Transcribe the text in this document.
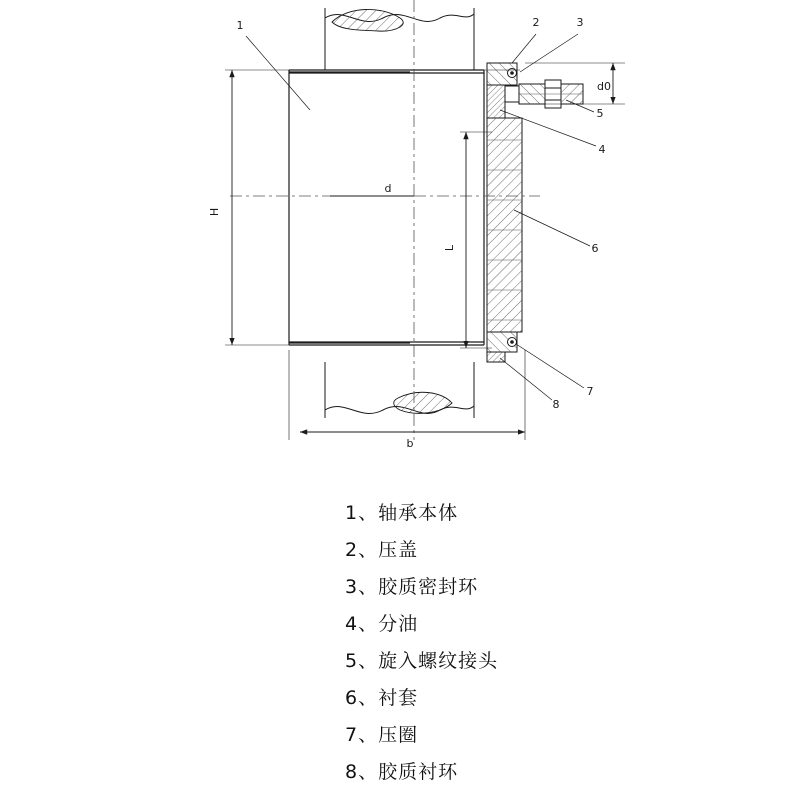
H
L
d
b
d0
1	2	3
4
5
6
7
8
1、轴承本体
2、压盖
3、胶质密封环
4、分油
5、旋入螺纹接头
6、衬套
7、压圈
8、胶质衬环
